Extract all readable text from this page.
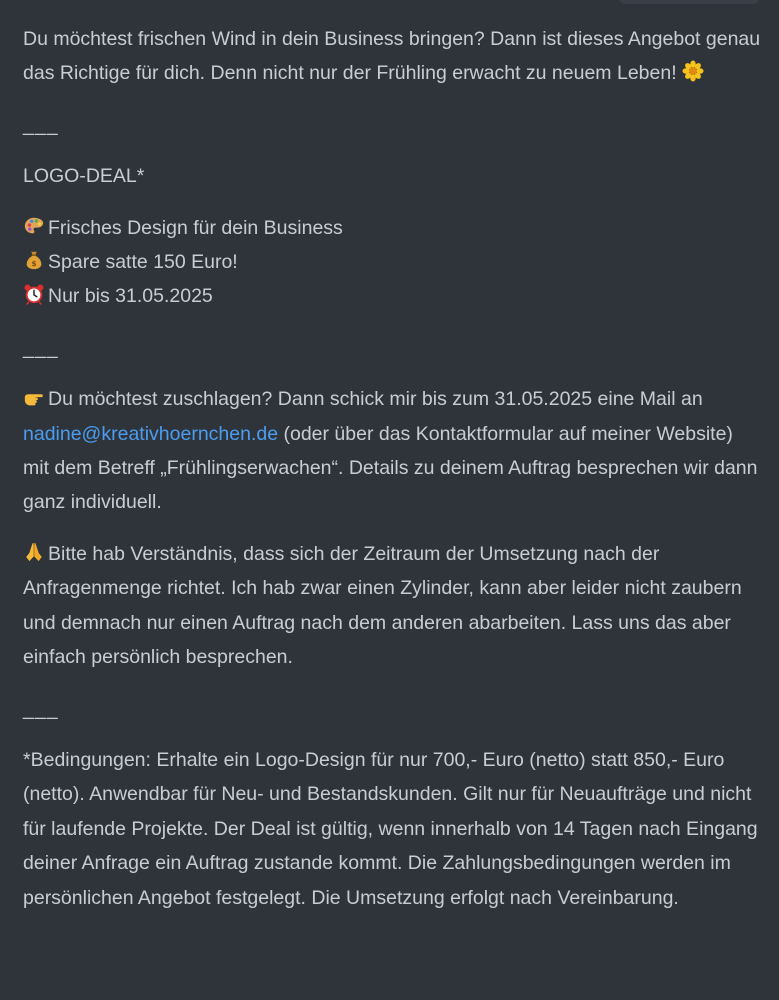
Du möchtest frischen Wind in dein Business bringen? Dann ist dieses Angebot genau das Richtige für dich. Denn nicht nur der Frühling erwacht zu neuem Leben!

___

LOGO-DEAL*

Frisches Design für dein Business
$ Spare satte 150 Euro!
Nur bis 31.05.2025

___

Du möchtest zuschlagen? Dann schick mir bis zum 31.05.2025 eine Mail an nadine@kreativhoernchen.de (oder über das Kontaktformular auf meiner Website) mit dem Betreff „Frühlingserwachen“. Details zu deinem Auftrag besprechen wir dann ganz individuell.

Bitte hab Verständnis, dass sich der Zeitraum der Umsetzung nach der Anfragenmenge richtet. Ich hab zwar einen Zylinder, kann aber leider nicht zaubern und demnach nur einen Auftrag nach dem anderen abarbeiten. Lass uns das aber einfach persönlich besprechen.

___

*Bedingungen: Erhalte ein Logo-Design für nur 700,- Euro (netto) statt 850,- Euro (netto). Anwendbar für Neu- und Bestandskunden. Gilt nur für Neuaufträge und nicht für laufende Projekte. Der Deal ist gültig, wenn innerhalb von 14 Tagen nach Eingang deiner Anfrage ein Auftrag zustande kommt. Die Zahlungsbedingungen werden im persönlichen Angebot festgelegt. Die Umsetzung erfolgt nach Vereinbarung.
